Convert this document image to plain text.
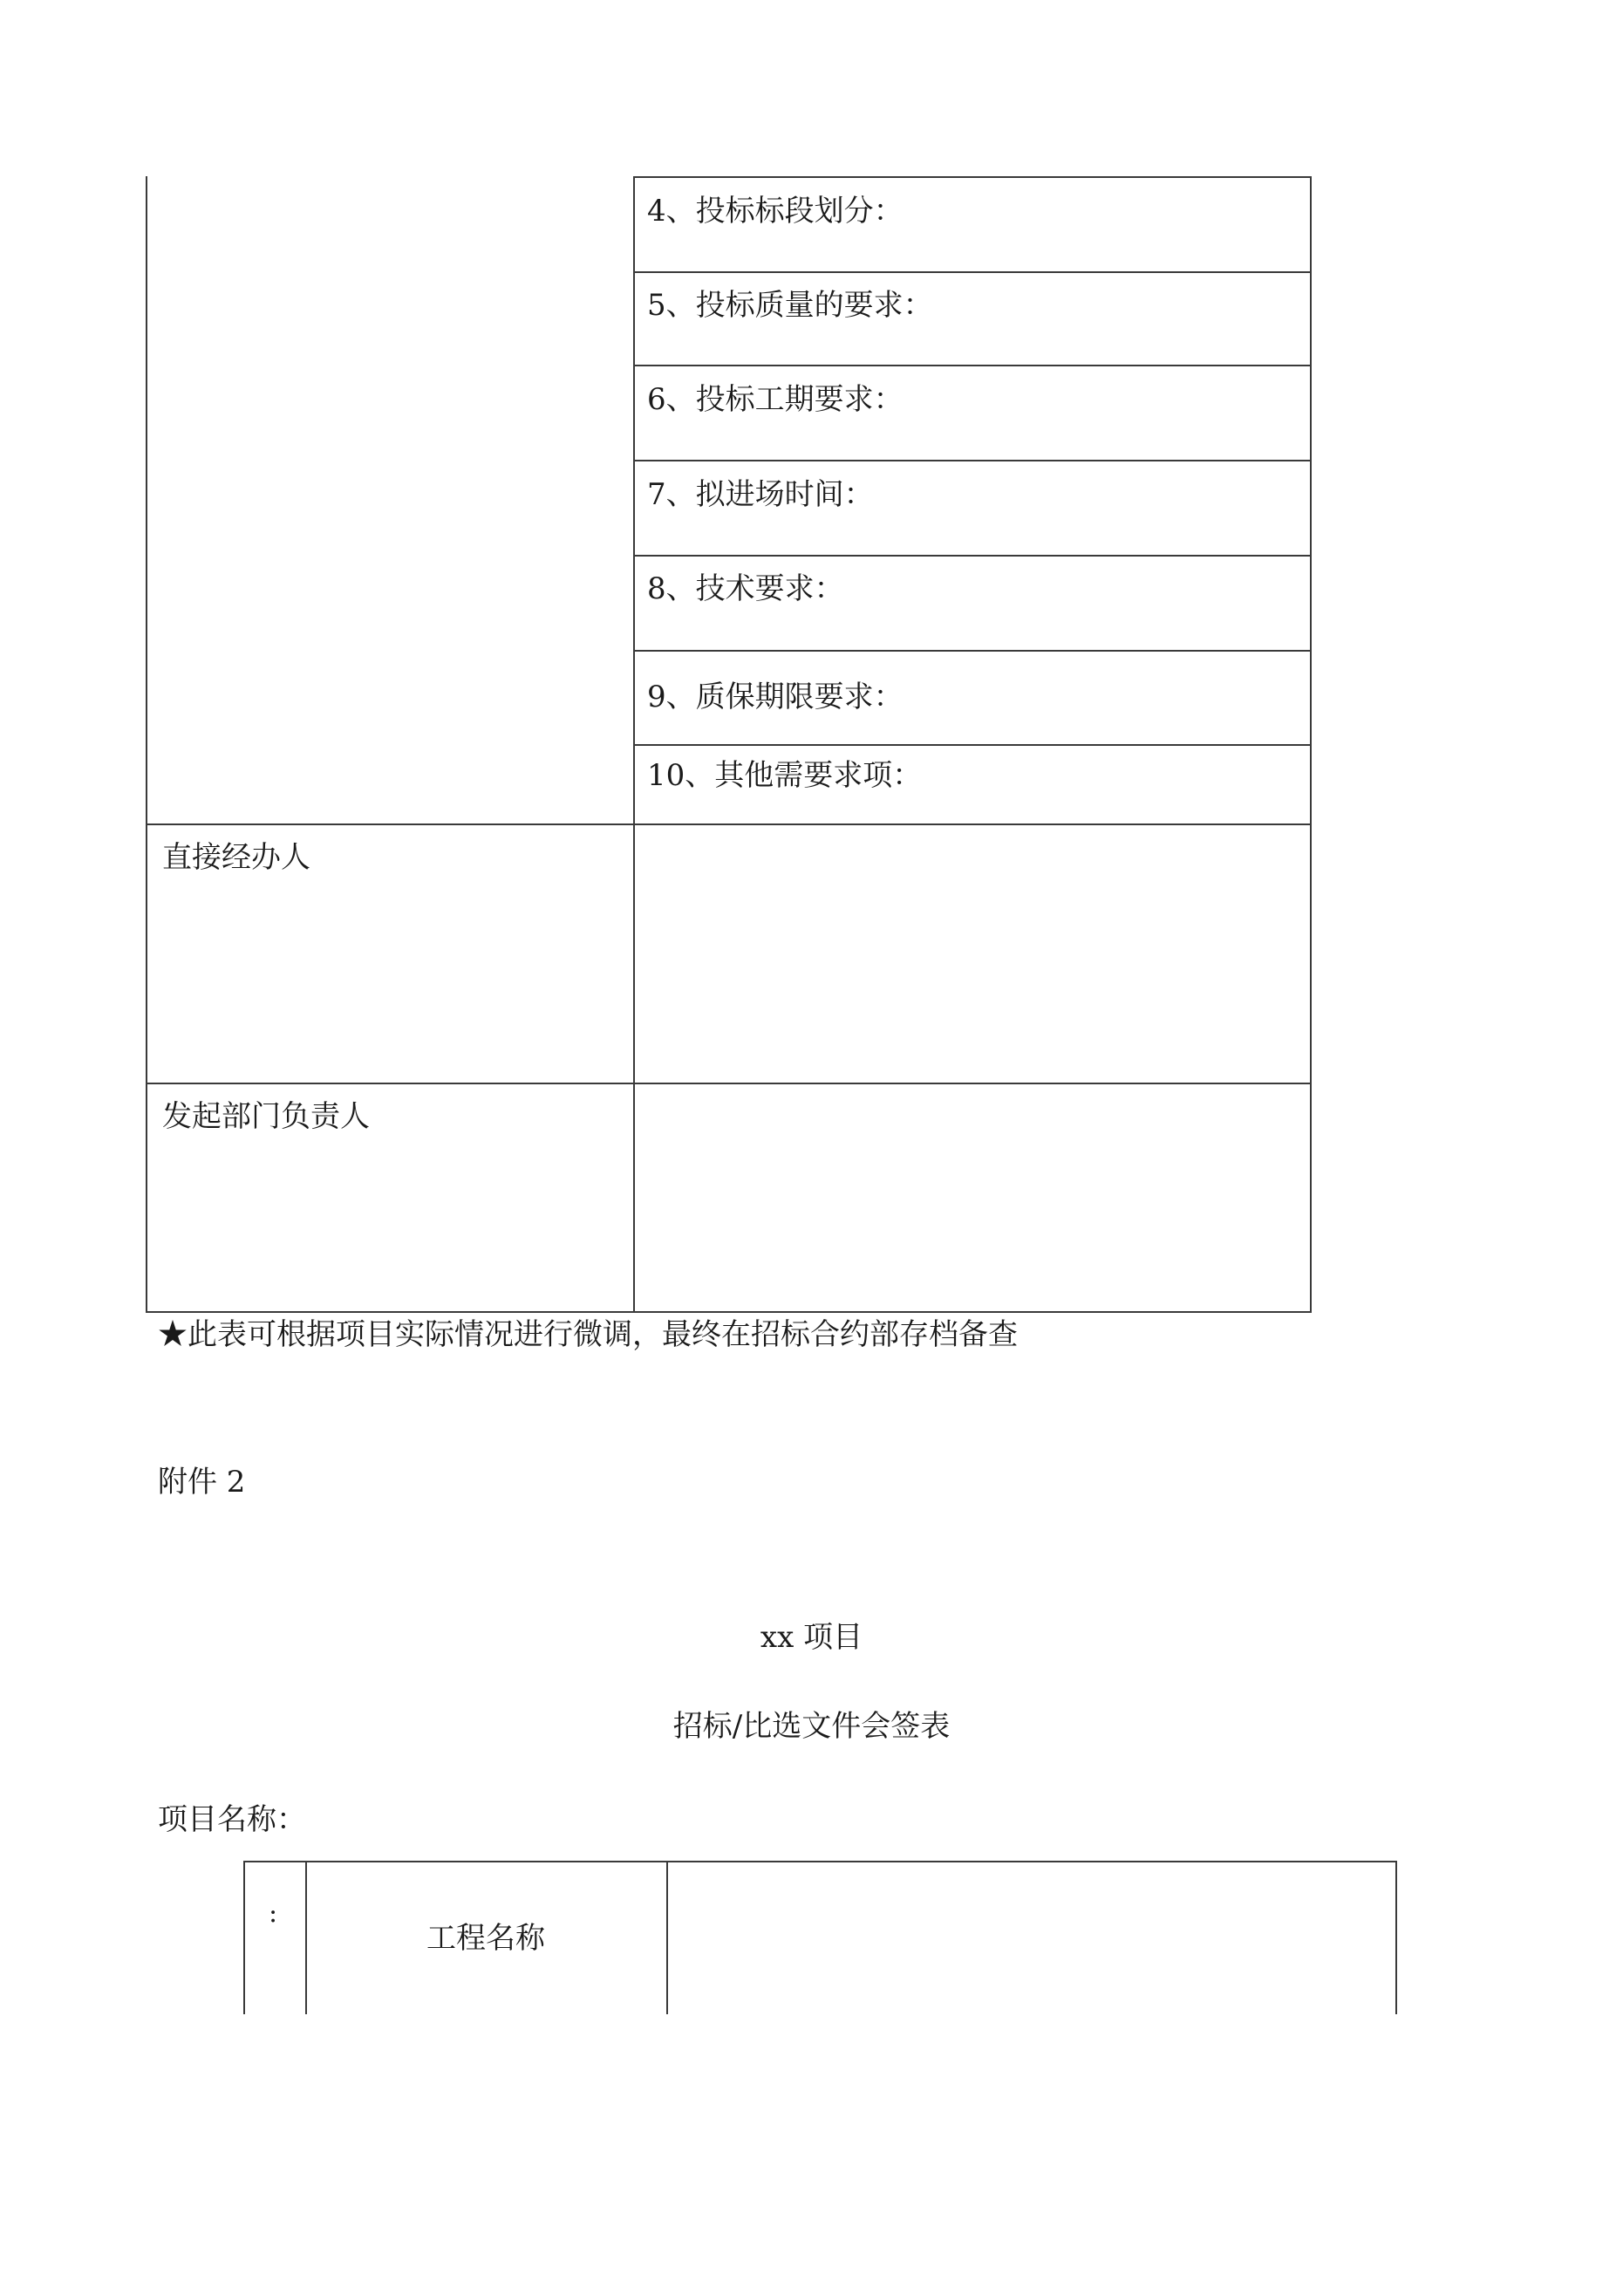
4、投标标段划分：
5、投标质量的要求：
6、投标工期要求：
7、拟进场时间：
8、技术要求：
9、质保期限要求：
10、其他需要求项：
直接经办人
发起部门负责人
★此表可根据项目实际情况进行微调，最终在招标合约部存档备查
附件 2
xx 项目
招标/比选文件会签表
项目名称：
:
工程名称
